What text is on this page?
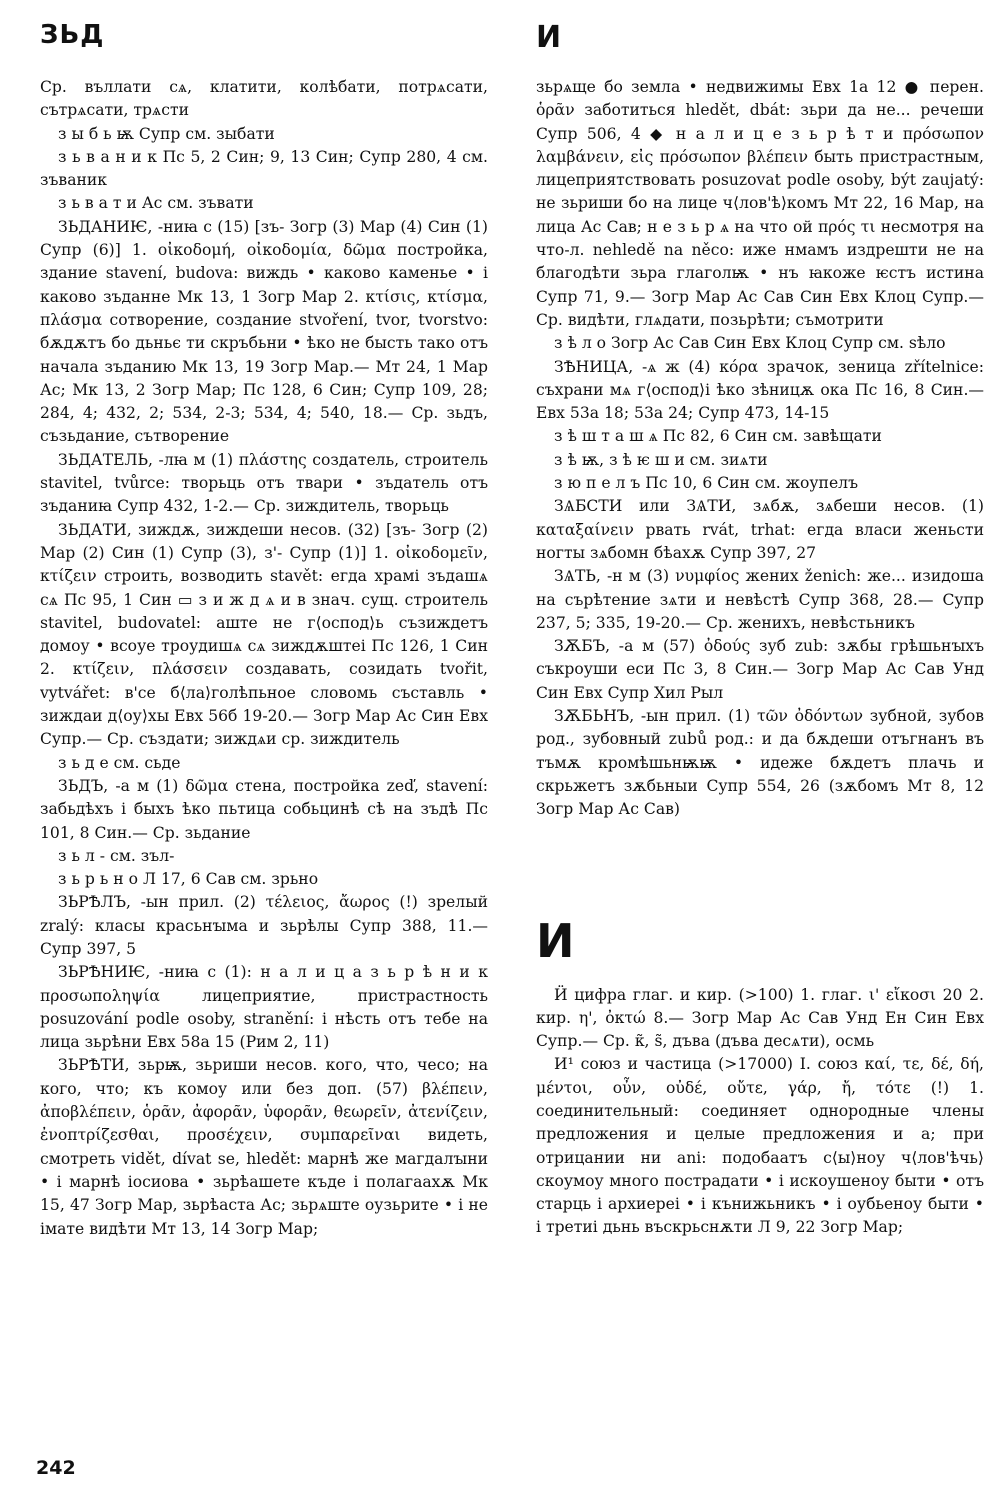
ЗЬД	И

Ср. въллати сѧ, клатити, колѣбати, потрѧсати, сътрѧсати, трѧсти

з ы б ь ѭ Супр см. зыбати

з ь в а н и к Пс 5, 2 Син; 9, 13 Син; Супр 280, 4 см. зъваник

з ь в а т и Ас см. зъвати

ЗЬДАНИѤ, -ниꙗ с (15) [зъ- Зогр (3) Мар (4) Син (1) Супр (6)] 1. οἰκοδομή, οἰκοδομία, δῶμα постройка, здание stavení, budova: виждь • каково каменье • і каково зъданне Мк 13, 1 Зогр Мар 2. κτίσις, κτίσμα, πλάσμα сотворение, создание stvoření, tvor, tvorstvo: бѫдѫтъ бо дьньє ти скръбьни • ѣко не бысть тако отъ начала зъданию Мк 13, 19 Зогр Мар.— Мт 24, 1 Мар Ас; Мк 13, 2 Зогр Мар; Пс 128, 6 Син; Супр 109, 28; 284, 4; 432, 2; 534, 2-3; 534, 4; 540, 18.— Ср. зьдъ, съзьдание, сътворение

ЗЬДАТЕЛЬ, -лꙗ м (1) πλάστης создатель, строитель stavitel, tvůrce: творьць отъ твари • зъдатель отъ зъданиꙗ Супр 432, 1-2.— Ср. зиждитель, творьць

ЗЬДАТИ, зиждѫ, зиждеши несов. (32) [зъ- Зогр (2) Мар (2) Син (1) Супр (3), з'- Супр (1)] 1. οἰκοδομεῖν, κτίζειν строить, возводить stavět: егда храмі зъдашѧ сѧ Пс 95, 1 Син ▭ з и ж д ѧ и в знач. сущ. строитель stavitel, budovatel: аште не г⟨оспод⟩ь съзиждетъ домоу • всоуе троудишѧ сѧ зиждѫштеі Пс 126, 1 Син 2. κτίζειν, πλάσσειν создавать, созидать tvořit, vytvářet: в'се б⟨ла⟩голѣпьное словомь съставль • зиждаи д⟨оу⟩хы Евх 56б 19-20.— Зогр Мар Ас Син Евх Супр.— Ср. създати; зиждѧи ср. зиждитель

з ь д е см. сьде

ЗЬДЪ, -а м (1) δῶμα стена, постройка zeď, stavení: забьдѣхъ і быхъ ѣко пьтица собьцинѣ сѣ на зъдѣ Пс 101, 8 Син.— Ср. зьдание

з ь л - см. зъл-

з ь р ь н о Л 17, 6 Сав см. зрьно

ЗЬРѢЛЪ, -ын прил. (2) τέλειος, ἄωρος (!) зрелый zralý: класы красьнꙑма и зьрѣлы Супр 388, 11.— Супр 397, 5

ЗЬРѢНИѤ, -ниꙗ с (1): н а л и ц а з ь р ѣ н и к προσωποληψία лицеприятие, пристрастность posuzování podle osoby, stranění: і нѣсть отъ тебе на лица зьрѣни Евх 58а 15 (Рим 2, 11)

ЗЬРѢТИ, зьрѭ, зьриши несов. кого, что, чесо; на кого, что; къ комоу или без доп. (57) βλέπειν, ἀποβλέπειν, ὁρᾶν, ἀφορᾶν, ὑφορᾶν, θεωρεῖν, ἀτενίζειν, ἐνοπτρίζεσθαι, προσέχειν, συμπαρεῖναι видеть, смотреть vidět, dívat se, hledět: марнѣ же магдалꙑни • і марнѣ іосиова • зьрѣашете къде і полагаахѫ Мк 15, 47 Зогр Мар, зьрѣаста Ас; зьрѧште оузьрите • і не імате видѣти Мт 13, 14 Зогр Мар;

зьрѧще бо земла • недвижимы Евх 1а 12 ● перен. ὁρᾶν заботиться hledět, dbát: зьри да не... речеши Супр 506, 4 ◆ н а л и ц е з ь р ѣ т и πρόσωπον λαμβάνειν, εἰς πρόσωπον βλέπειν быть пристрастным, лицеприятствовать posuzovat podle osoby, být zaujatý: не зьриши бо на лице ч⟨лов'ѣ⟩комъ Мт 22, 16 Мар, на лица Ас Сав; н е з ь р ѧ на что ой πρός τι несмотря на что-л. nehledě na něco: иже нмамъ издрешти не на благодѣти зьра глаголѭ • нъ ꙗкоже ѥстъ истина Супр 71, 9.— Зогр Мар Ас Сав Син Евх Клоц Супр.— Ср. видѣти, глѧдати, позьрѣти; съмотрити

з ѣ л о Зогр Ас Сав Син Евх Клоц Супр см. ѕѣло

ЗѢНИЦА, -ѧ ж (4) κόρα зрачок, зеница zřítelnice: съхрани мѧ г⟨оспод⟩і ѣко зѣницѫ ока Пс 16, 8 Син.— Евх 53а 18; 53а 24; Супр 473, 14-15

з ѣ ш т а ш ѧ Пс 82, 6 Син см. завѣщати

з ѣ ѭ, з ѣ ѥ ш и см. зиѧти

з ю п е л ъ Пс 10, 6 Син см. жоупелъ

ЗѦБСТИ или ЗѦТИ, зѧбѫ, зѧбеши несов. (1) καταξαίνειν рвать rvát, trhat: егда власи женьсти ногты зѧбомн бѣахѫ Супр 397, 27

ЗѦТЬ, -н м (3) νυμφίος жених ženich: же... изидоша на сърѣтение зѧти и невѣстѣ Супр 368, 28.— Супр 237, 5; 335, 19-20.— Ср. женихъ, невѣстьникъ

ЗѪБЪ, -а м (57) ὀδούς зуб zub: зѫбы грѣшьнꙑхъ съкроуши еси Пс 3, 8 Син.— Зогр Мар Ас Сав Унд Син Евх Супр Хил Рыл

ЗѪБЬНЪ, -ын прил. (1) τῶν ὀδόντων зубной, зубов род., зубовный zubů род.: и да бѫдеши отъгнанъ въ тъмѫ кромѣшьнѭѭ • идеже бѫдетъ плачь и скрьжетъ зѫбьныи Супр 554, 26 (зѫбомъ Мт 8, 12 Зогр Мар Ас Сав)

И

Ӥ цифра глаг. и кир. (>100) 1. глаг. ι' εἴκοσι 20 2. кир. η', ὀκτώ 8.— Зогр Мар Ас Сав Унд Ен Син Евх Супр.— Ср. к̃, ѕ̃, дъва (дъва десѧти), осмь

И¹ союз и частица (>17000) I. союз καί, τε, δέ, δή, μέντοι, οὖν, οὐδέ, οὔτε, γάρ, ἤ, τότε (!) 1. соединительный: соединяет однородные члены предложения и целые предложения и а; при отрицании ни ani: подобаатъ с⟨ы⟩ноу ч⟨лов'ѣчь⟩скоумоу много пострадати • і искоушеноу быти • отъ старць і архиереі • і кънижьникъ • і оубьеноу быти • і третиі дьнь въскрьснѫти Л 9, 22 Зогр Мар;

242
